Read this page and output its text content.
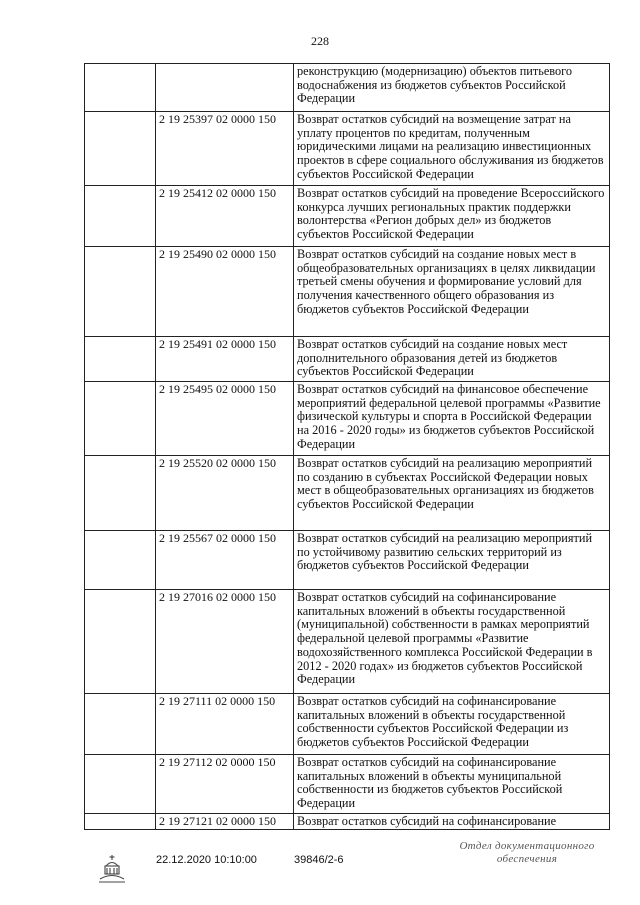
228
		реконструкцию (модернизацию) объектов питьевого водоснабжения из бюджетов субъектов Российской Федерации
	2 19 25397 02 0000 150	Возврат остатков субсидий на возмещение затрат на уплату процентов по кредитам, полученным юридическими лицами на реализацию инвестиционных проектов в сфере социального обслуживания из бюджетов субъектов Российской Федерации
	2 19 25412 02 0000 150	Возврат остатков субсидий на проведение Всероссийского конкурса лучших региональных практик поддержки волонтерства «Регион добрых дел» из бюджетов субъектов Российской Федерации
	2 19 25490 02 0000 150	Возврат остатков субсидий на создание новых мест в общеобразовательных организациях в целях ликвидации третьей смены обучения и формирование условий для получения качественного общего образования из бюджетов субъектов Российской Федерации
	2 19 25491 02 0000 150	Возврат остатков субсидий на создание новых мест дополнительного образования детей из бюджетов субъектов Российской Федерации
	2 19 25495 02 0000 150	Возврат остатков субсидий на финансовое обеспечение мероприятий федеральной целевой программы «Развитие физической культуры и спорта в Российской Федерации на 2016 - 2020 годы» из бюджетов субъектов Российской Федерации
	2 19 25520 02 0000 150	Возврат остатков субсидий на реализацию мероприятий по созданию в субъектах Российской Федерации новых мест в общеобразовательных организациях из бюджетов субъектов Российской Федерации
	2 19 25567 02 0000 150	Возврат остатков субсидий на реализацию мероприятий по устойчивому развитию сельских территорий из бюджетов субъектов Российской Федерации
	2 19 27016 02 0000 150	Возврат остатков субсидий на софинансирование капитальных вложений в объекты государственной (муниципальной) собственности в рамках мероприятий федеральной целевой программы «Развитие водохозяйственного комплекса Российской Федерации в 2012 - 2020 годах» из бюджетов субъектов Российской Федерации
	2 19 27111 02 0000 150	Возврат остатков субсидий на софинансирование капитальных вложений в объекты государственной собственности субъектов Российской Федерации из бюджетов субъектов Российской Федерации
	2 19 27112 02 0000 150	Возврат остатков субсидий на софинансирование капитальных вложений в объекты муниципальной собственности из бюджетов субъектов Российской Федерации
	2 19 27121 02 0000 150	Возврат остатков субсидий на софинансирование
22.12.2020 10:10:00	39846/2-6
Отдел документационного
обеспечения
